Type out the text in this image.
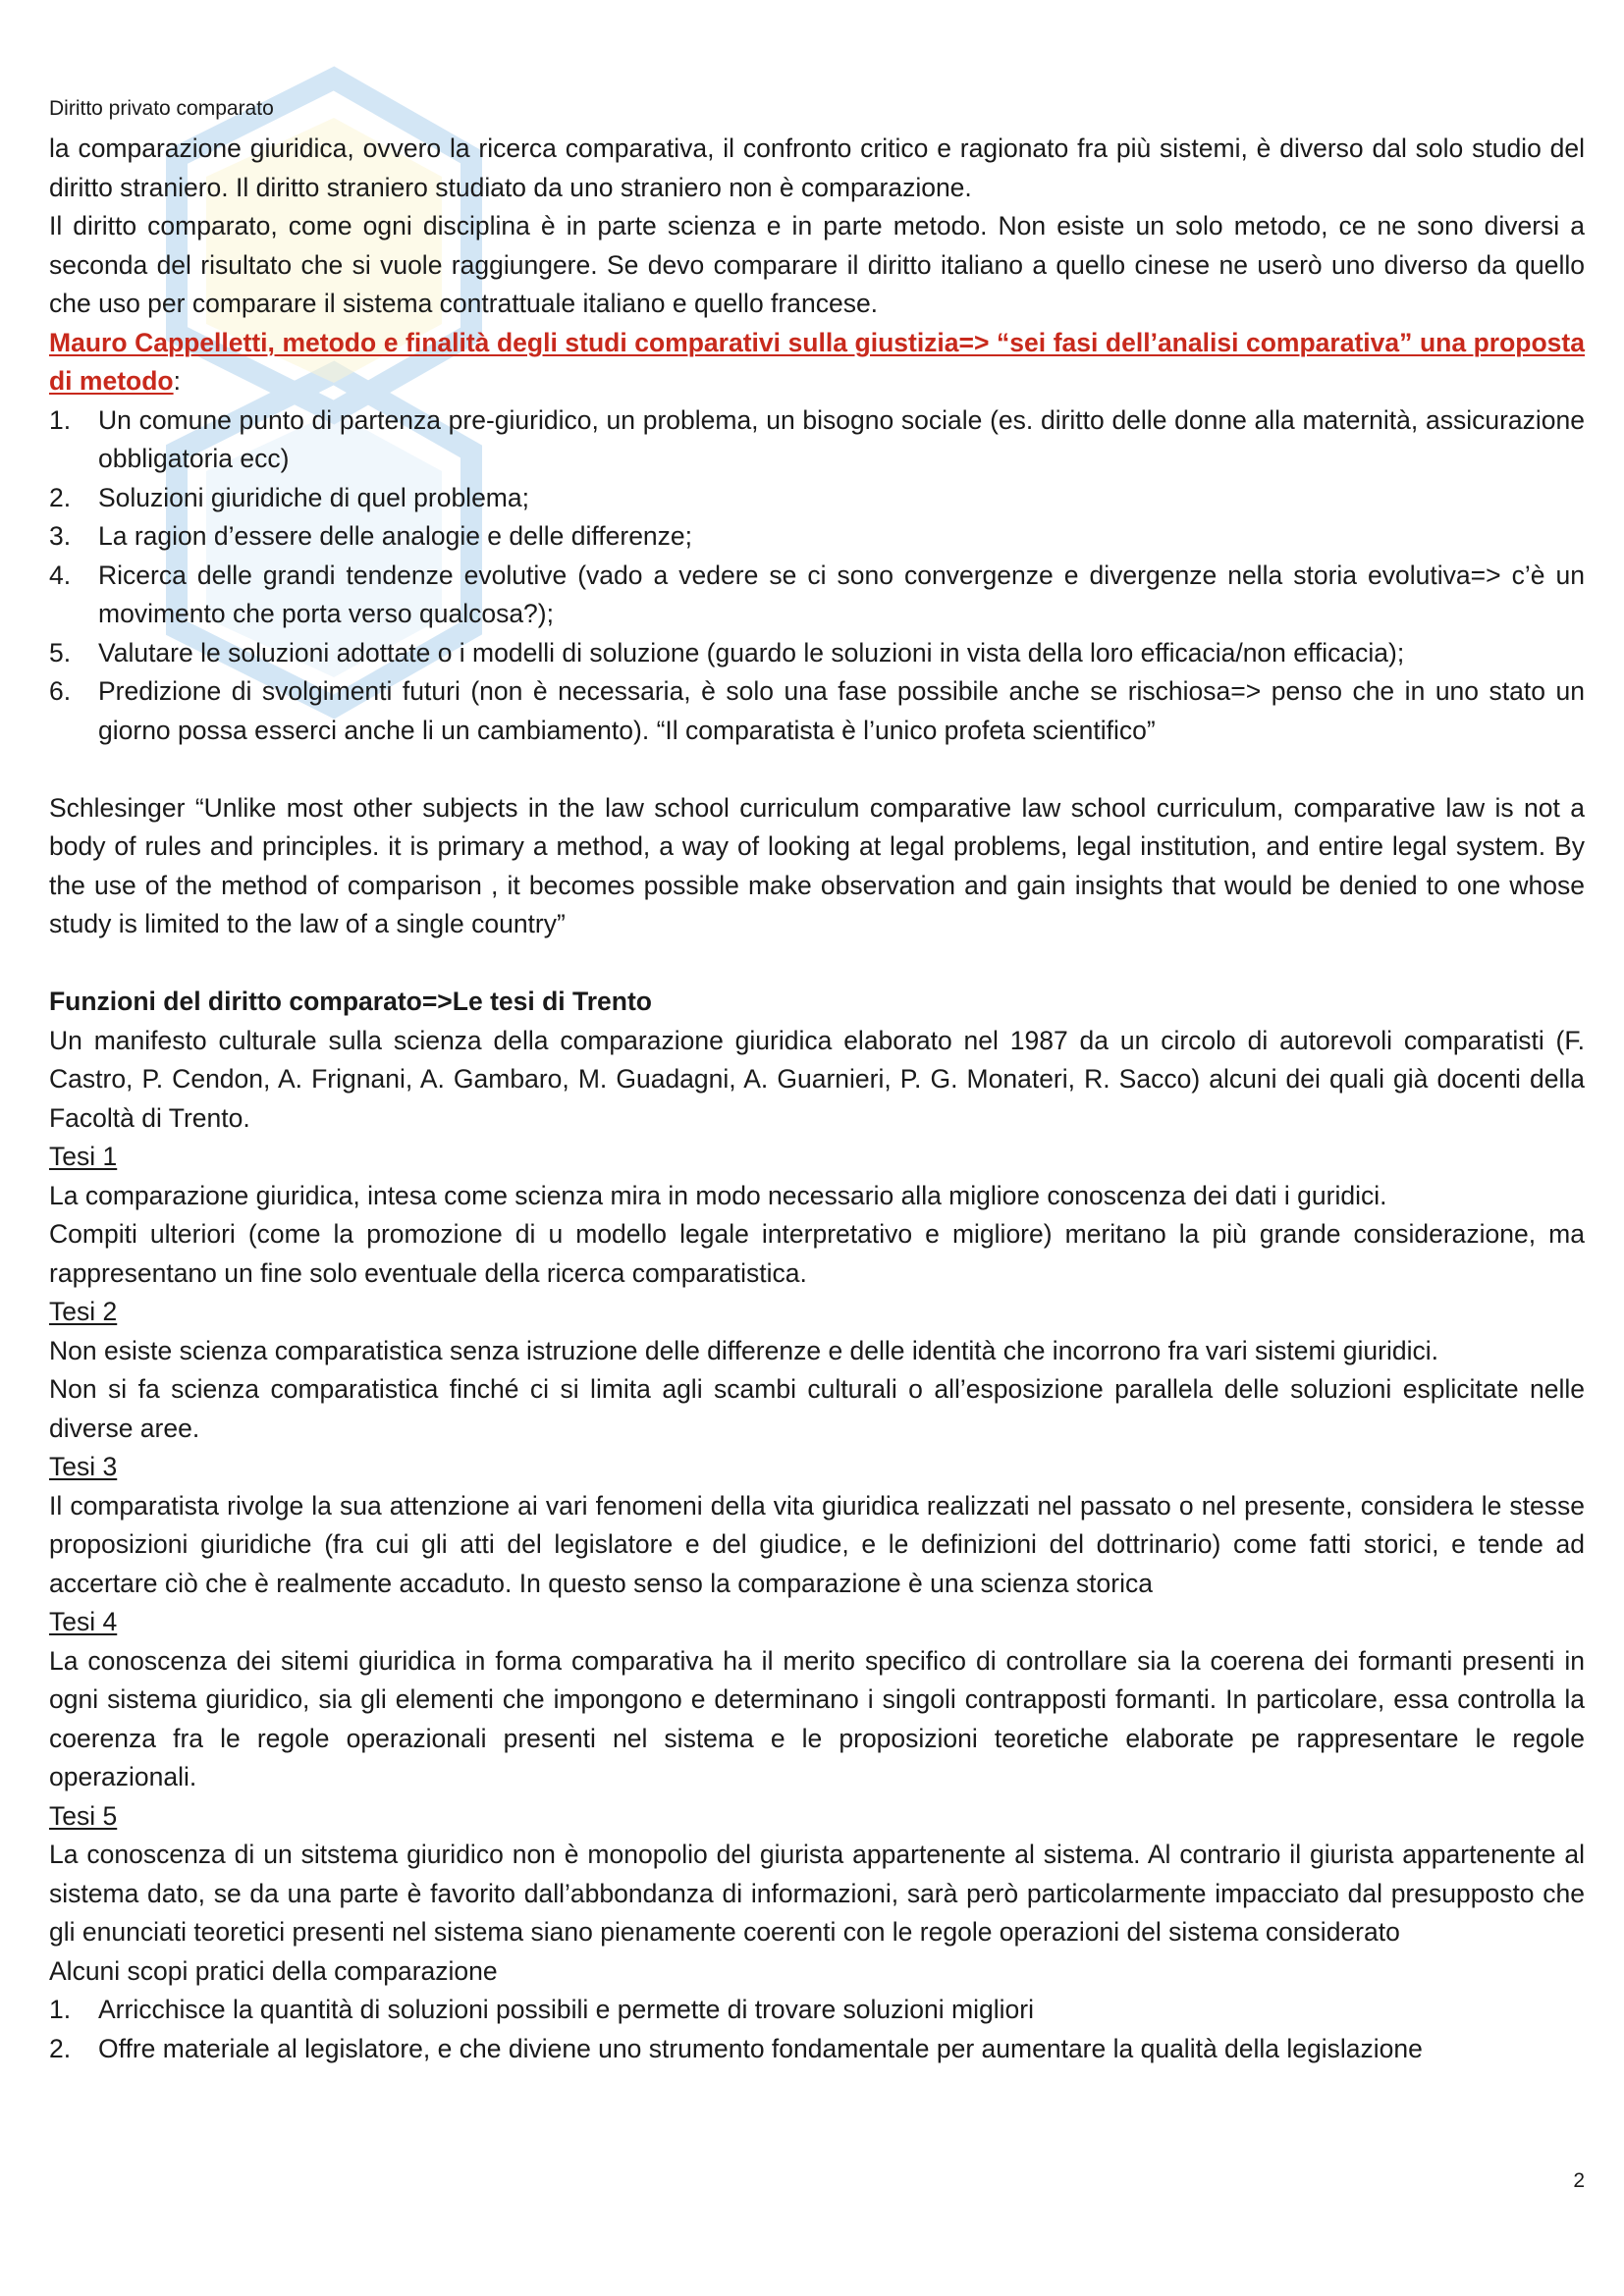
Diritto privato comparato

la comparazione giuridica, ovvero la ricerca comparativa, il confronto critico e ragionato fra più sistemi, è diverso dal solo studio del diritto straniero. Il diritto straniero studiato da uno straniero non è comparazione.

Il diritto comparato, come ogni disciplina è in parte scienza e in parte metodo. Non esiste un solo metodo, ce ne sono diversi a seconda del risultato che si vuole raggiungere. Se devo comparare il diritto italiano a quello cinese ne userò uno diverso da quello che uso per comparare il sistema contrattuale italiano e quello francese.

Mauro Cappelletti, metodo e finalità degli studi comparativi sulla giustizia=> “sei fasi dell’analisi comparativa” una proposta di metodo:

1. Un comune punto di partenza pre-giuridico, un problema, un bisogno sociale (es. diritto delle donne alla maternità, assicurazione obbligatoria ecc)
2. Soluzioni giuridiche di quel problema;
3. La ragion d’essere delle analogie e delle differenze;
4. Ricerca delle grandi tendenze evolutive (vado a vedere se ci sono convergenze e divergenze nella storia evolutiva=> c’è un movimento che porta verso qualcosa?);
5. Valutare le soluzioni adottate o i modelli di soluzione (guardo le soluzioni in vista della loro efficacia/non efficacia);
6. Predizione di svolgimenti futuri (non è necessaria, è solo una fase possibile anche se rischiosa=> penso che in uno stato un giorno possa esserci anche li un cambiamento). “Il comparatista è l’unico profeta scientifico”

Schlesinger “Unlike most other subjects in the law school curriculum comparative law school curriculum, comparative law is not a body of rules and principles. it is primary a method, a way of looking at legal problems, legal institution, and entire legal system. By the use of the method of comparison , it becomes possible make observation and gain insights that would be denied to one whose study is limited to the law of a single country”

Funzioni del diritto comparato=>Le tesi di Trento

Un manifesto culturale sulla scienza della comparazione giuridica elaborato nel 1987 da un circolo di autorevoli comparatisti (F. Castro, P. Cendon, A. Frignani, A. Gambaro, M. Guadagni, A. Guarnieri, P. G. Monateri, R. Sacco) alcuni dei quali già docenti della Facoltà di Trento.

Tesi 1

La comparazione giuridica, intesa come scienza mira in modo necessario alla migliore conoscenza dei dati i guridici.

Compiti ulteriori (come la promozione di u modello legale interpretativo e migliore) meritano la più grande considerazione, ma rappresentano un fine solo eventuale della ricerca comparatistica.

Tesi 2

Non esiste scienza comparatistica senza istruzione delle differenze e delle identità che incorrono fra vari sistemi giuridici.

Non si fa scienza comparatistica finché ci si limita agli scambi culturali o all’esposizione parallela delle soluzioni esplicitate nelle diverse aree.

Tesi 3

Il comparatista rivolge la sua attenzione ai vari fenomeni della vita giuridica realizzati nel passato o nel presente, considera le stesse proposizioni giuridiche (fra cui gli atti del legislatore e del giudice, e le definizioni del dottrinario) come fatti storici, e tende ad accertare ciò che è realmente accaduto. In questo senso la comparazione è una scienza storica

Tesi 4

La conoscenza dei sitemi giuridica in forma comparativa ha il merito specifico di controllare sia la coerena dei formanti presenti in ogni sistema giuridico, sia gli elementi che impongono e determinano i singoli contrapposti formanti. In particolare, essa controlla la coerenza fra le regole operazionali presenti nel sistema e le proposizioni teoretiche elaborate pe rappresentare le regole operazionali.

Tesi 5

La conoscenza di un sitstema giuridico non è monopolio del giurista appartenente al sistema. Al contrario il giurista appartenente al sistema dato, se da una parte è favorito dall’abbondanza di informazioni, sarà però particolarmente impacciato dal presupposto che gli enunciati teoretici presenti nel sistema siano pienamente coerenti con le regole operazioni del sistema considerato

Alcuni scopi pratici della comparazione

1. Arricchisce la quantità di soluzioni possibili e permette di trovare soluzioni migliori
2. Offre materiale al legislatore, e che diviene uno strumento fondamentale per aumentare la qualità della legislazione
2
